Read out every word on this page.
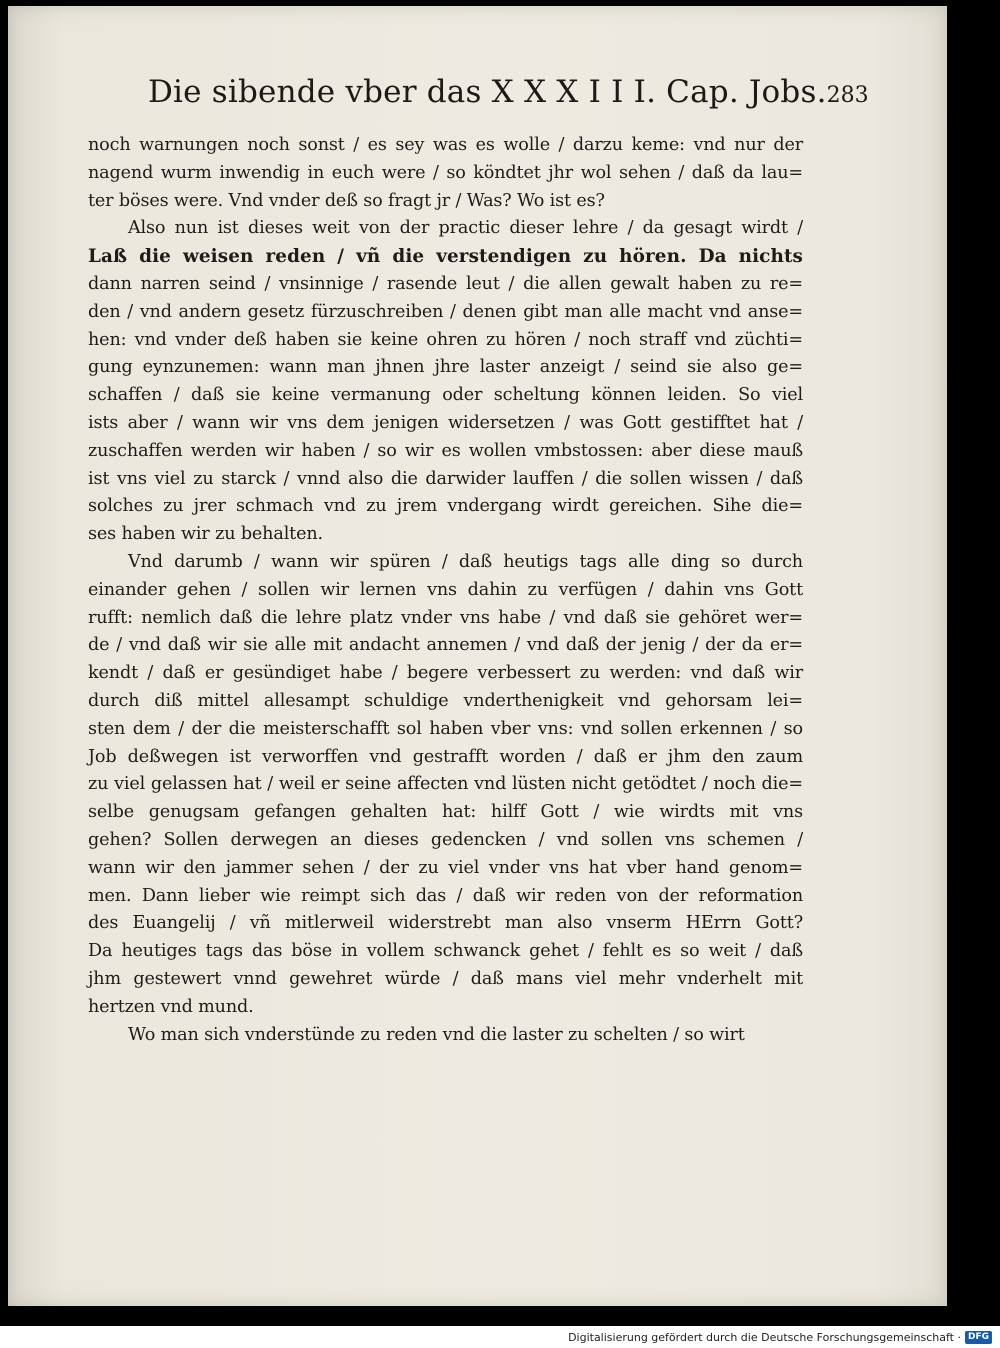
Die sibende vber das X X X I I I. Cap. Jobs. 283
noch warnungen noch sonst / es sey was es wolle / darzu keme: vnd nur der
nagend wurm inwendig in euch were / so köndtet jhr wol sehen / daß da lau=
ter böses were. Vnd vnder deß so fragt jr / Was? Wo ist es?
Also nun ist dieses weit von der practic dieser lehre / da gesagt wirdt /
Laß die weisen reden / vñ die verstendigen zu hören. Da nichts
dann narren seind / vnsinnige / rasende leut / die allen gewalt haben zu re=
den / vnd andern gesetz fürzuschreiben / denen gibt man alle macht vnd anse=
hen: vnd vnder deß haben sie keine ohren zu hören / noch straff vnd züchti=
gung eynzunemen: wann man jhnen jhre laster anzeigt / seind sie also ge=
schaffen / daß sie keine vermanung oder scheltung können leiden. So viel
ists aber / wann wir vns dem jenigen widersetzen / was Gott gestifftet hat /
zuschaffen werden wir haben / so wir es wollen vmbstossen: aber diese mauß
ist vns viel zu starck / vnnd also die darwider lauffen / die sollen wissen / daß
solches zu jrer schmach vnd zu jrem vndergang wirdt gereichen. Sihe die=
ses haben wir zu behalten.
Vnd darumb / wann wir spüren / daß heutigs tags alle ding so durch
einander gehen / sollen wir lernen vns dahin zu verfügen / dahin vns Gott
rufft: nemlich daß die lehre platz vnder vns habe / vnd daß sie gehöret wer=
de / vnd daß wir sie alle mit andacht annemen / vnd daß der jenig / der da er=
kendt / daß er gesündiget habe / begere verbessert zu werden: vnd daß wir
durch diß mittel allesampt schuldige vnderthenigkeit vnd gehorsam lei=
sten dem / der die meisterschafft sol haben vber vns: vnd sollen erkennen / so
Job deßwegen ist verworffen vnd gestrafft worden / daß er jhm den zaum
zu viel gelassen hat / weil er seine affecten vnd lüsten nicht getödtet / noch die=
selbe genugsam gefangen gehalten hat: hilff Gott / wie wirdts mit vns
gehen? Sollen derwegen an dieses gedencken / vnd sollen vns schemen /
wann wir den jammer sehen / der zu viel vnder vns hat vber hand genom=
men. Dann lieber wie reimpt sich das / daß wir reden von der reformation
des Euangelij / vñ mitlerweil widerstrebt man also vnserm HErrn Gott?
Da heutiges tags das böse in vollem schwanck gehet / fehlt es so weit / daß
jhm gestewert vnnd gewehret würde / daß mans viel mehr vnderhelt mit
hertzen vnd mund.
Wo man sich vnderstünde zu reden vnd die laster zu schelten / so wirt
Digitalisierung gefördert durch die Deutsche Forschungsgemeinschaft · DFG
